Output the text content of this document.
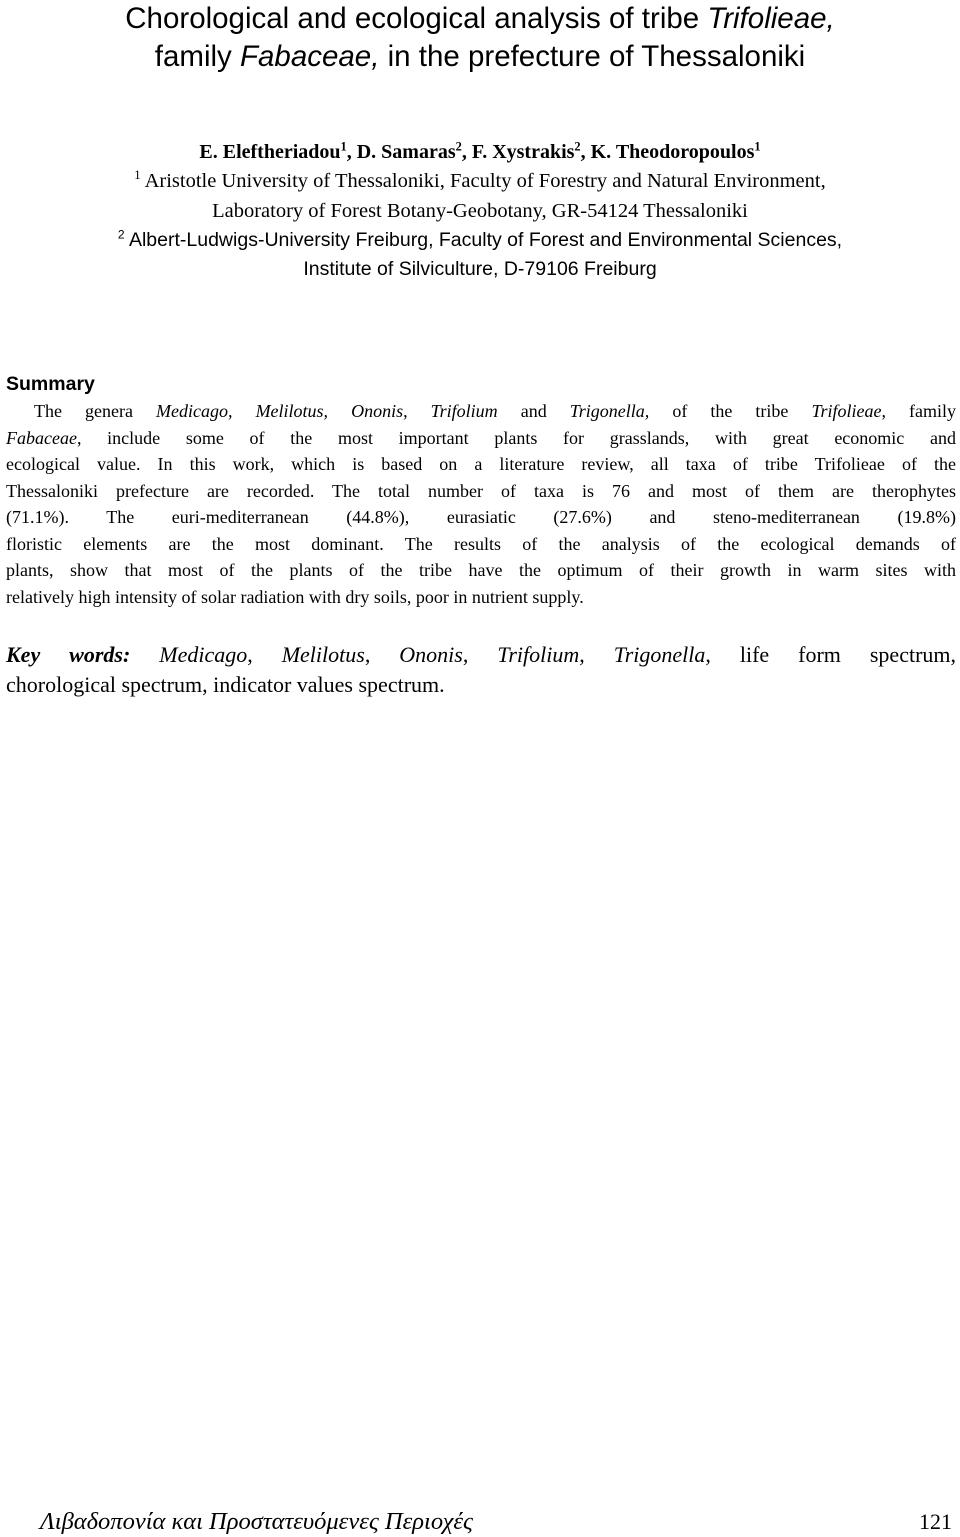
Chorological and ecological analysis of tribe Trifolieae,
family Fabaceae, in the prefecture of Thessaloniki
E. Eleftheriadou$^1$, D. Samaras$^2$, F. Xystrakis$^2$, K. Theodoropoulos$^1$
$^1$ Aristotle University of Thessaloniki, Faculty of Forestry and Natural Environment,
Laboratory of Forest Botany-Geobotany, GR-54124 Thessaloniki
$^2$ Albert-Ludwigs-University Freiburg, Faculty of Forest and Environmental Sciences,
Institute of Silviculture, D-79106 Freiburg
Summary
The genera Medicago, Melilotus, Ononis, Trifolium and Trigonella, of the tribe Trifolieae, family
Fabaceae, include some of the most important plants for grasslands, with great economic and
ecological value. In this work, which is based on a literature review, all taxa of tribe Trifolieae of the
Thessaloniki prefecture are recorded. The total number of taxa is 76 and most of them are therophytes
(71.1%). The euri-mediterranean (44.8%), eurasiatic (27.6%) and steno-mediterranean (19.8%)
floristic elements are the most dominant. The results of the analysis of the ecological demands of
plants, show that most of the plants of the tribe have the optimum of their growth in warm sites with
relatively high intensity of solar radiation with dry soils, poor in nutrient supply.
Key words: Medicago, Melilotus, Ononis, Trifolium, Trigonella, life form spectrum,
chorological spectrum, indicator values spectrum.
Λιβαδοπονία και Προστατευόμενες Περιοχές	121
